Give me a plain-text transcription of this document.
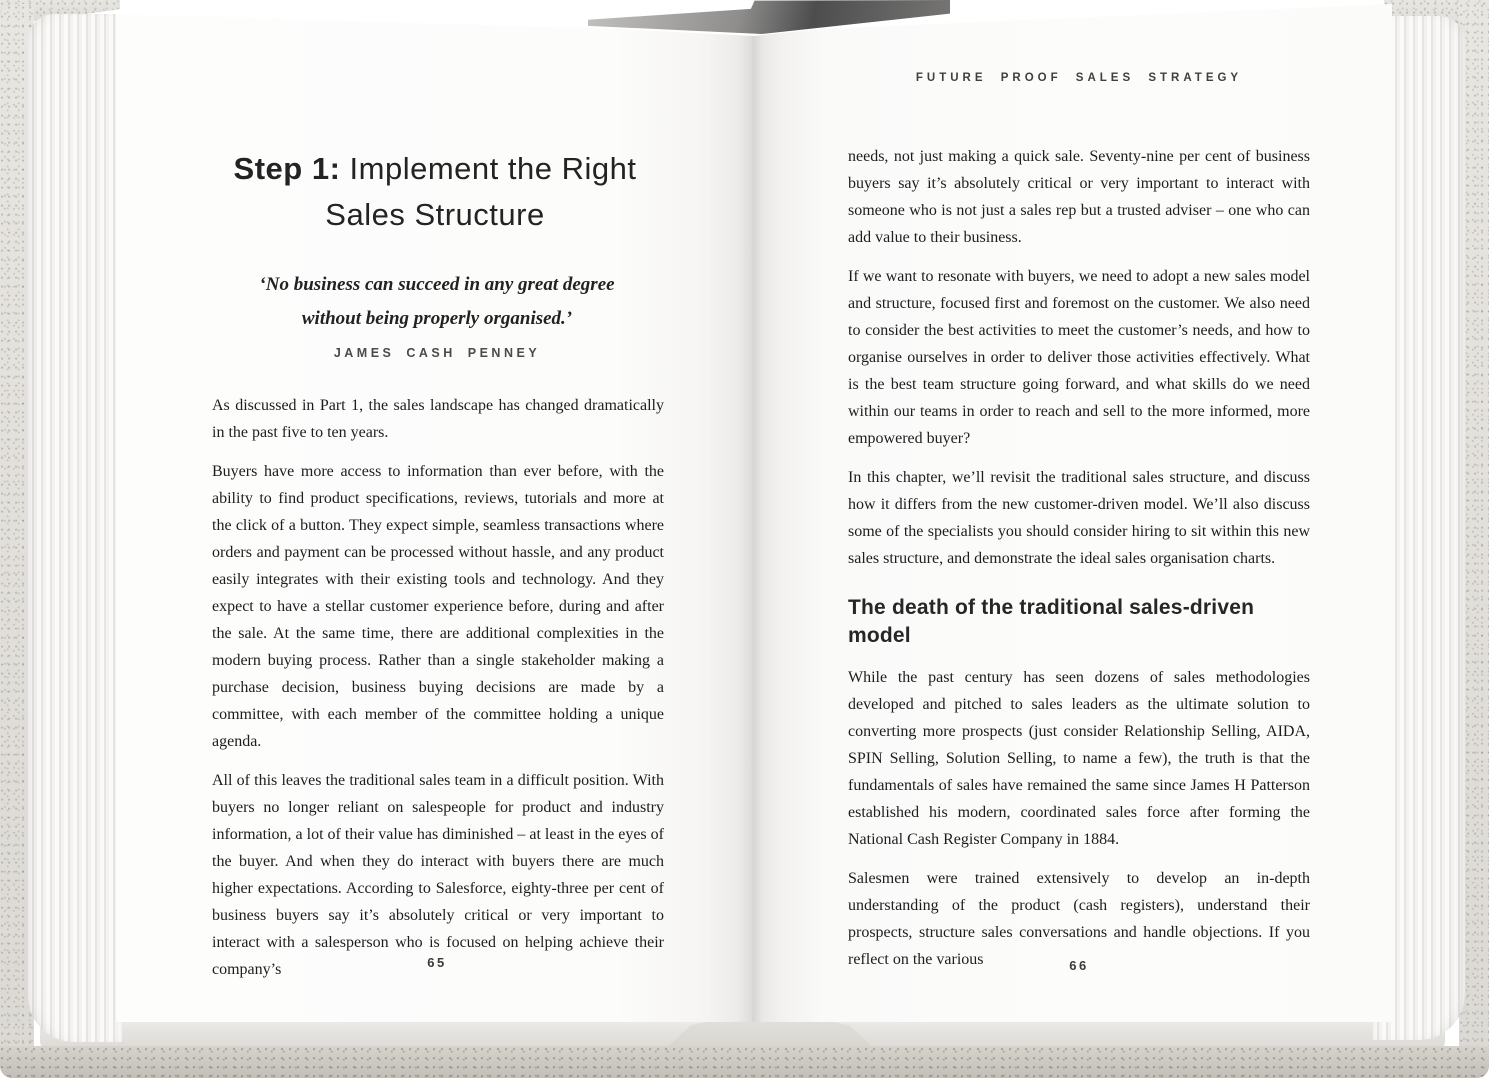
Step 1: Implement the Right Sales Structure
‘No business can succeed in any great degree without being properly organised.’
JAMES CASH PENNEY

As discussed in Part 1, the sales landscape has changed dramatically in the past five to ten years.

Buyers have more access to information than ever before, with the ability to find product specifications, reviews, tutorials and more at the click of a button. They expect simple, seamless transactions where orders and payment can be processed without hassle, and any product easily integrates with their existing tools and technology. And they expect to have a stellar customer experience before, during and after the sale. At the same time, there are additional complexities in the modern buying process. Rather than a single stakeholder making a purchase decision, business buying decisions are made by a committee, with each member of the committee holding a unique agenda.

All of this leaves the traditional sales team in a difficult position. With buyers no longer reliant on salespeople for product and industry information, a lot of their value has diminished – at least in the eyes of the buyer. And when they do interact with buyers there are much higher expectations. According to Salesforce, eighty-three per cent of business buyers say it’s absolutely critical or very important to interact with a salesperson who is focused on helping achieve their company’s	65
FUTURE PROOF SALES STRATEGY

needs, not just making a quick sale. Seventy-nine per cent of business buyers say it’s absolutely critical or very important to interact with someone who is not just a sales rep but a trusted adviser – one who can add value to their business.

If we want to resonate with buyers, we need to adopt a new sales model and structure, focused first and foremost on the customer. We also need to consider the best activities to meet the customer’s needs, and how to organise ourselves in order to deliver those activities effectively. What is the best team structure going forward, and what skills do we need within our teams in order to reach and sell to the more informed, more empowered buyer?

In this chapter, we’ll revisit the traditional sales structure, and discuss how it differs from the new customer-driven model. We’ll also discuss some of the specialists you should consider hiring to sit within this new sales structure, and demonstrate the ideal sales organisation charts.

The death of the traditional sales-driven model

While the past century has seen dozens of sales methodologies developed and pitched to sales leaders as the ultimate solution to converting more prospects (just consider Relationship Selling, AIDA, SPIN Selling, Solution Selling, to name a few), the truth is that the fundamentals of sales have remained the same since James H Patterson established his modern, coordinated sales force after forming the National Cash Register Company in 1884.

Salesmen were trained extensively to develop an in-depth understanding of the product (cash registers), understand their prospects, structure sales conversations and handle objections. If you reflect on the various	66
